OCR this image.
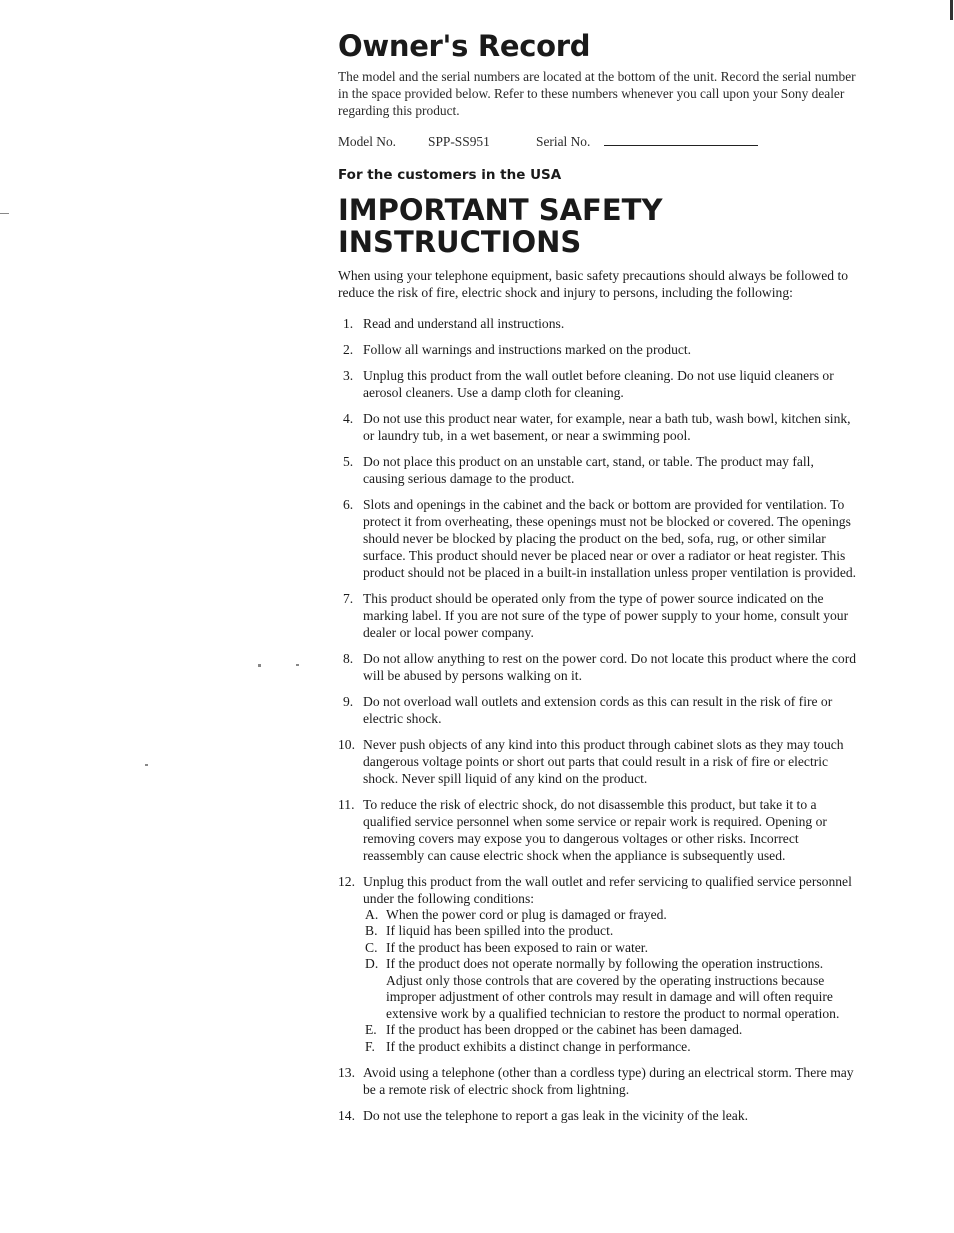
Owner's Record

The model and the serial numbers are located at the bottom of the unit. Record the serial number in the space provided below. Refer to these numbers whenever you call upon your Sony dealer regarding this product.

Model No.	SPP-SS951	Serial No.
For the customers in the USA
IMPORTANT SAFETY INSTRUCTIONS

When using your telephone equipment, basic safety precautions should always be followed to reduce the risk of fire, electric shock and injury to persons, including the following:

1. Read and understand all instructions.
2. Follow all warnings and instructions marked on the product.
3. Unplug this product from the wall outlet before cleaning. Do not use liquid cleaners or aerosol cleaners. Use a damp cloth for cleaning.
4. Do not use this product near water, for example, near a bath tub, wash bowl, kitchen sink, or laundry tub, in a wet basement, or near a swimming pool.
5. Do not place this product on an unstable cart, stand, or table. The product may fall, causing serious damage to the product.
6. Slots and openings in the cabinet and the back or bottom are provided for ventilation. To protect it from overheating, these openings must not be blocked or covered. The openings should never be blocked by placing the product on the bed, sofa, rug, or other similar surface. This product should never be placed near or over a radiator or heat register. This product should not be placed in a built-in installation unless proper ventilation is provided.
7. This product should be operated only from the type of power source indicated on the marking label. If you are not sure of the type of power supply to your home, consult your dealer or local power company.
8. Do not allow anything to rest on the power cord. Do not locate this product where the cord will be abused by persons walking on it.
9. Do not overload wall outlets and extension cords as this can result in the risk of fire or electric shock.
10. Never push objects of any kind into this product through cabinet slots as they may touch dangerous voltage points or short out parts that could result in a risk of fire or electric shock. Never spill liquid of any kind on the product.
11. To reduce the risk of electric shock, do not disassemble this product, but take it to a qualified service personnel when some service or repair work is required. Opening or removing covers may expose you to dangerous voltages or other risks. Incorrect reassembly can cause electric shock when the appliance is subsequently used.
12. Unplug this product from the wall outlet and refer servicing to qualified service personnel under the following conditions:
A. When the power cord or plug is damaged or frayed.
B. If liquid has been spilled into the product.
C. If the product has been exposed to rain or water.
D. If the product does not operate normally by following the operation instructions. Adjust only those controls that are covered by the operating instructions because improper adjustment of other controls may result in damage and will often require extensive work by a qualified technician to restore the product to normal operation.
E. If the product has been dropped or the cabinet has been damaged.
F. If the product exhibits a distinct change in performance.
13. Avoid using a telephone (other than a cordless type) during an electrical storm. There may be a remote risk of electric shock from lightning.
14. Do not use the telephone to report a gas leak in the vicinity of the leak.
